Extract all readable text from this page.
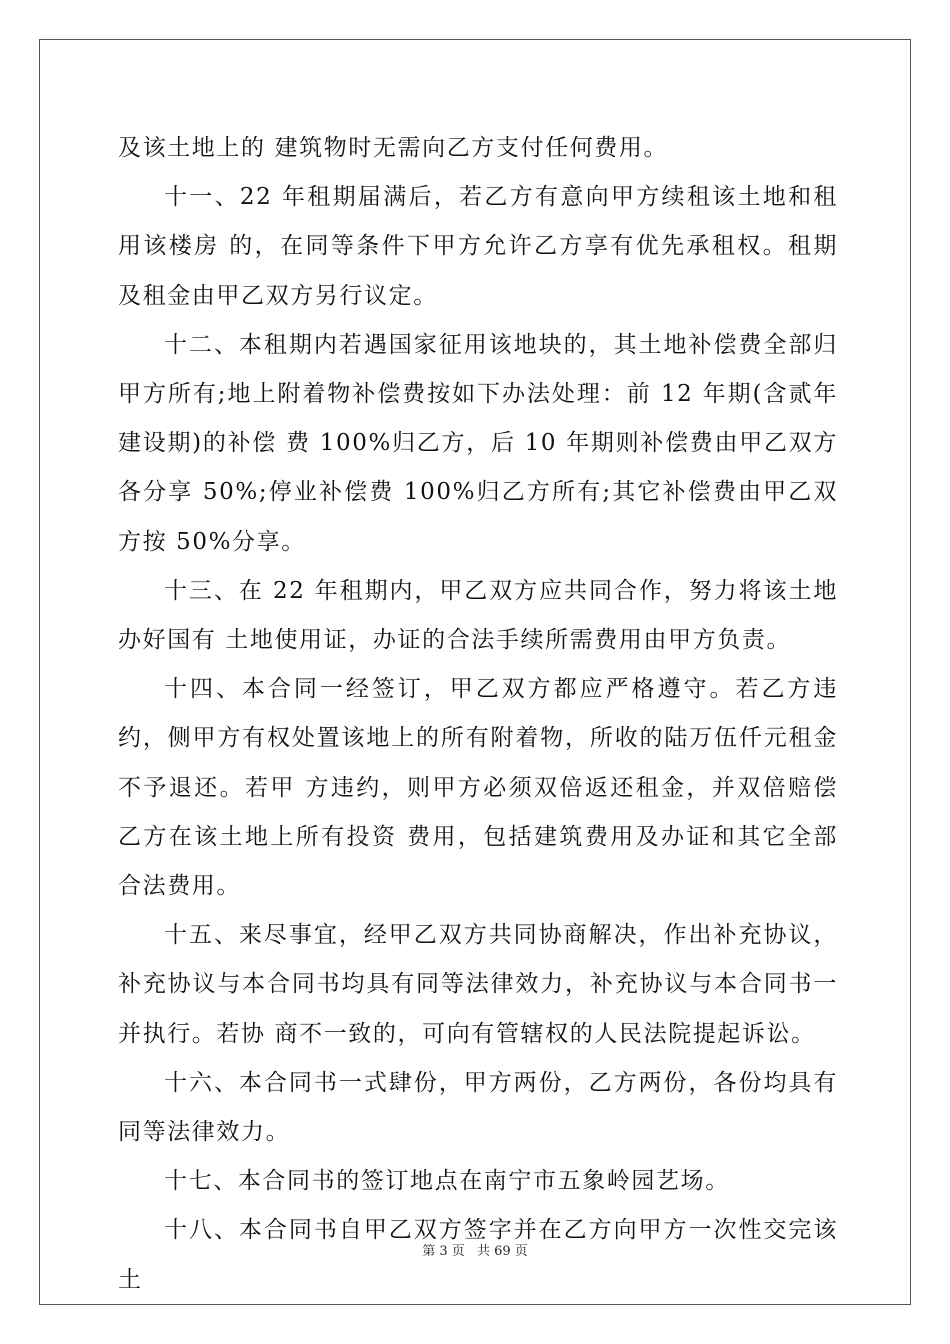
及该土地上的 建筑物时无需向乙方支付任何费用。

十一、22 年租期届满后，若乙方有意向甲方续租该土地和租用该楼房 的，在同等条件下甲方允许乙方享有优先承租权。租期及租金由甲乙双方另行议定。

十二、本租期内若遇国家征用该地块的，其土地补偿费全部归甲方所有;地上附着物补偿费按如下办法处理：前 12 年期(含贰年建设期)的补偿 费 100%归乙方，后 10 年期则补偿费由甲乙双方各分享 50%;停业补偿费 100%归乙方所有;其它补偿费由甲乙双方按 50%分享。

十三、在 22 年租期内，甲乙双方应共同合作，努力将该土地办好国有 土地使用证，办证的合法手续所需费用由甲方负责。

十四、本合同一经签订，甲乙双方都应严格遵守。若乙方违约，侧甲方有权处置该地上的所有附着物，所收的陆万伍仟元租金不予退还。若甲 方违约，则甲方必须双倍返还租金，并双倍赔偿乙方在该土地上所有投资 费用，包括建筑费用及办证和其它全部合法费用。

十五、来尽事宜，经甲乙双方共同协商解决，作出补充协议，补充协议与本合同书均具有同等法律效力，补充协议与本合同书一并执行。若协 商不一致的，可向有管辖权的人民法院提起诉讼。

十六、本合同书一式肆份，甲方两份，乙方两份，各份均具有同等法律效力。

十七、本合同书的签订地点在南宁市五象岭园艺场。

十八、本合同书自甲乙双方签字并在乙方向甲方一次性交完该土

第 3 页 共 69 页
